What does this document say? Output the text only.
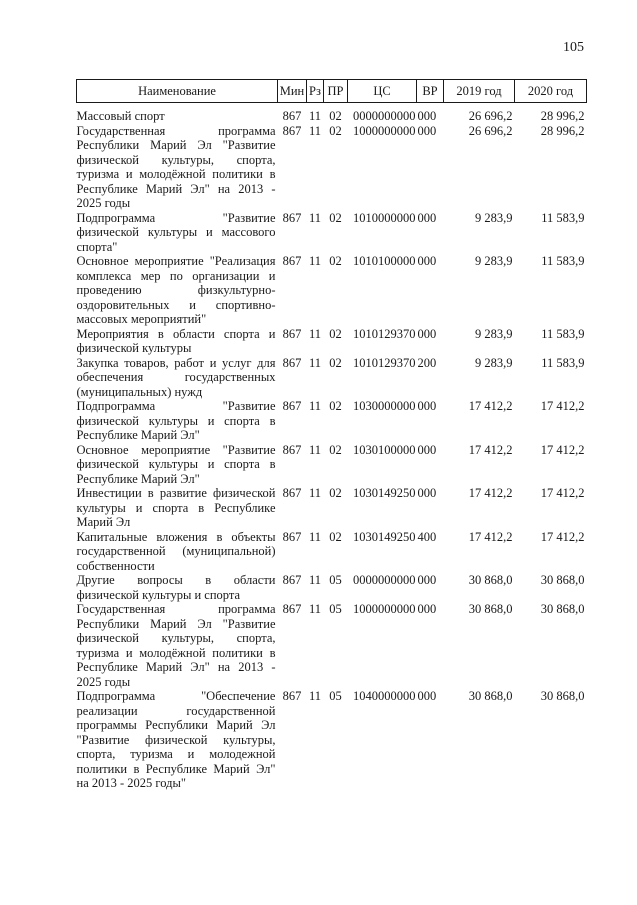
105
Наименование	Мин	Рз	ПР	ЦС	ВР	2019 год	2020 год
Массовый спорт	867	11	02	0000000000	000	26 696,2	28 996,2
Государственная программа Республики Марий Эл "Развитие физической культуры, спорта, туризма и молодёжной политики в Республике Марий Эл" на 2013 - 2025 годы	867	11	02	1000000000	000	26 696,2	28 996,2
Подпрограмма "Развитие физической культуры и массового спорта"	867	11	02	1010000000	000	9 283,9	11 583,9
Основное мероприятие "Реализация комплекса мер по организации и проведению физкультурно-оздоровительных и спортивно-массовых мероприятий"	867	11	02	1010100000	000	9 283,9	11 583,9
Мероприятия в области спорта и физической культуры	867	11	02	1010129370	000	9 283,9	11 583,9
Закупка товаров, работ и услуг для обеспечения государственных (муниципальных) нужд	867	11	02	1010129370	200	9 283,9	11 583,9
Подпрограмма "Развитие физической культуры и спорта в Республике Марий Эл"	867	11	02	1030000000	000	17 412,2	17 412,2
Основное мероприятие "Развитие физической культуры и спорта в Республике Марий Эл"	867	11	02	1030100000	000	17 412,2	17 412,2
Инвестиции в развитие физической культуры и спорта в Республике Марий Эл	867	11	02	1030149250	000	17 412,2	17 412,2
Капитальные вложения в объекты государственной (муниципальной) собственности	867	11	02	1030149250	400	17 412,2	17 412,2
Другие вопросы в области физической культуры и спорта	867	11	05	0000000000	000	30 868,0	30 868,0
Государственная программа Республики Марий Эл "Развитие физической культуры, спорта, туризма и молодёжной политики в Республике Марий Эл" на 2013 - 2025 годы	867	11	05	1000000000	000	30 868,0	30 868,0
Подпрограмма "Обеспечение реализации государственной программы Республики Марий Эл "Развитие физической культуры, спорта, туризма и молодежной политики в Республике Марий Эл" на 2013 - 2025 годы"	867	11	05	1040000000	000	30 868,0	30 868,0
